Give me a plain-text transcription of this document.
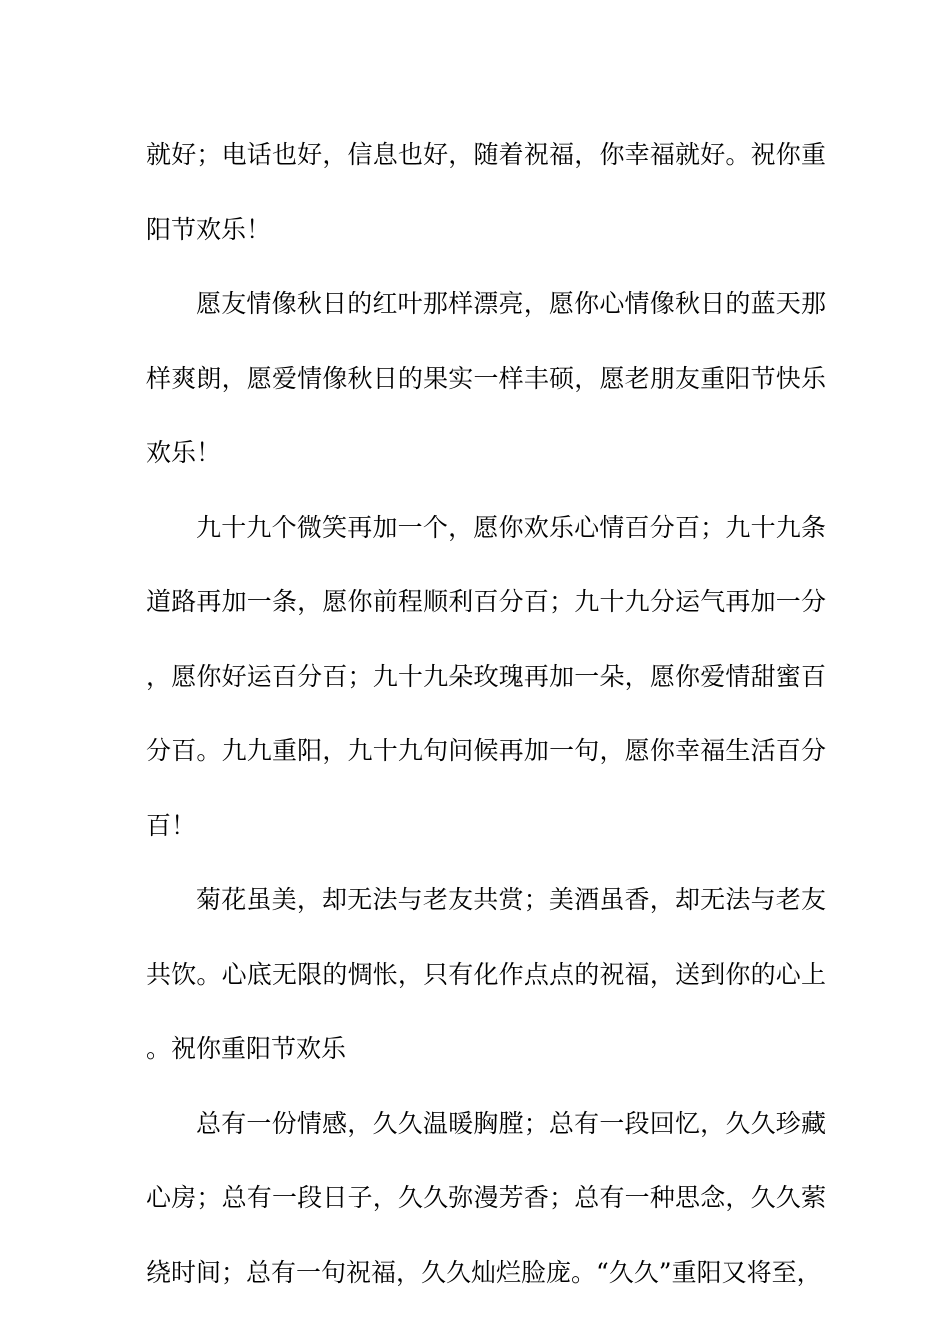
就好；电话也好，信息也好，随着祝福，你幸福就好。祝你重阳节欢乐！

愿友情像秋日的红叶那样漂亮，愿你心情像秋日的蓝天那样爽朗，愿爱情像秋日的果实一样丰硕，愿老朋友重阳节快乐欢乐！

九十九个微笑再加一个，愿你欢乐心情百分百；九十九条道路再加一条，愿你前程顺利百分百；九十九分运气再加一分，愿你好运百分百；九十九朵玫瑰再加一朵，愿你爱情甜蜜百分百。九九重阳，九十九句问候再加一句，愿你幸福生活百分百！

菊花虽美，却无法与老友共赏；美酒虽香，却无法与老友共饮。心底无限的惆怅，只有化作点点的祝福，送到你的心上。祝你重阳节欢乐

总有一份情感，久久温暖胸膛；总有一段回忆，久久珍藏心房；总有一段日子，久久弥漫芳香；总有一种思念，久久萦绕时间；总有一句祝福，久久灿烂脸庞。“久久”重阳又将至，
